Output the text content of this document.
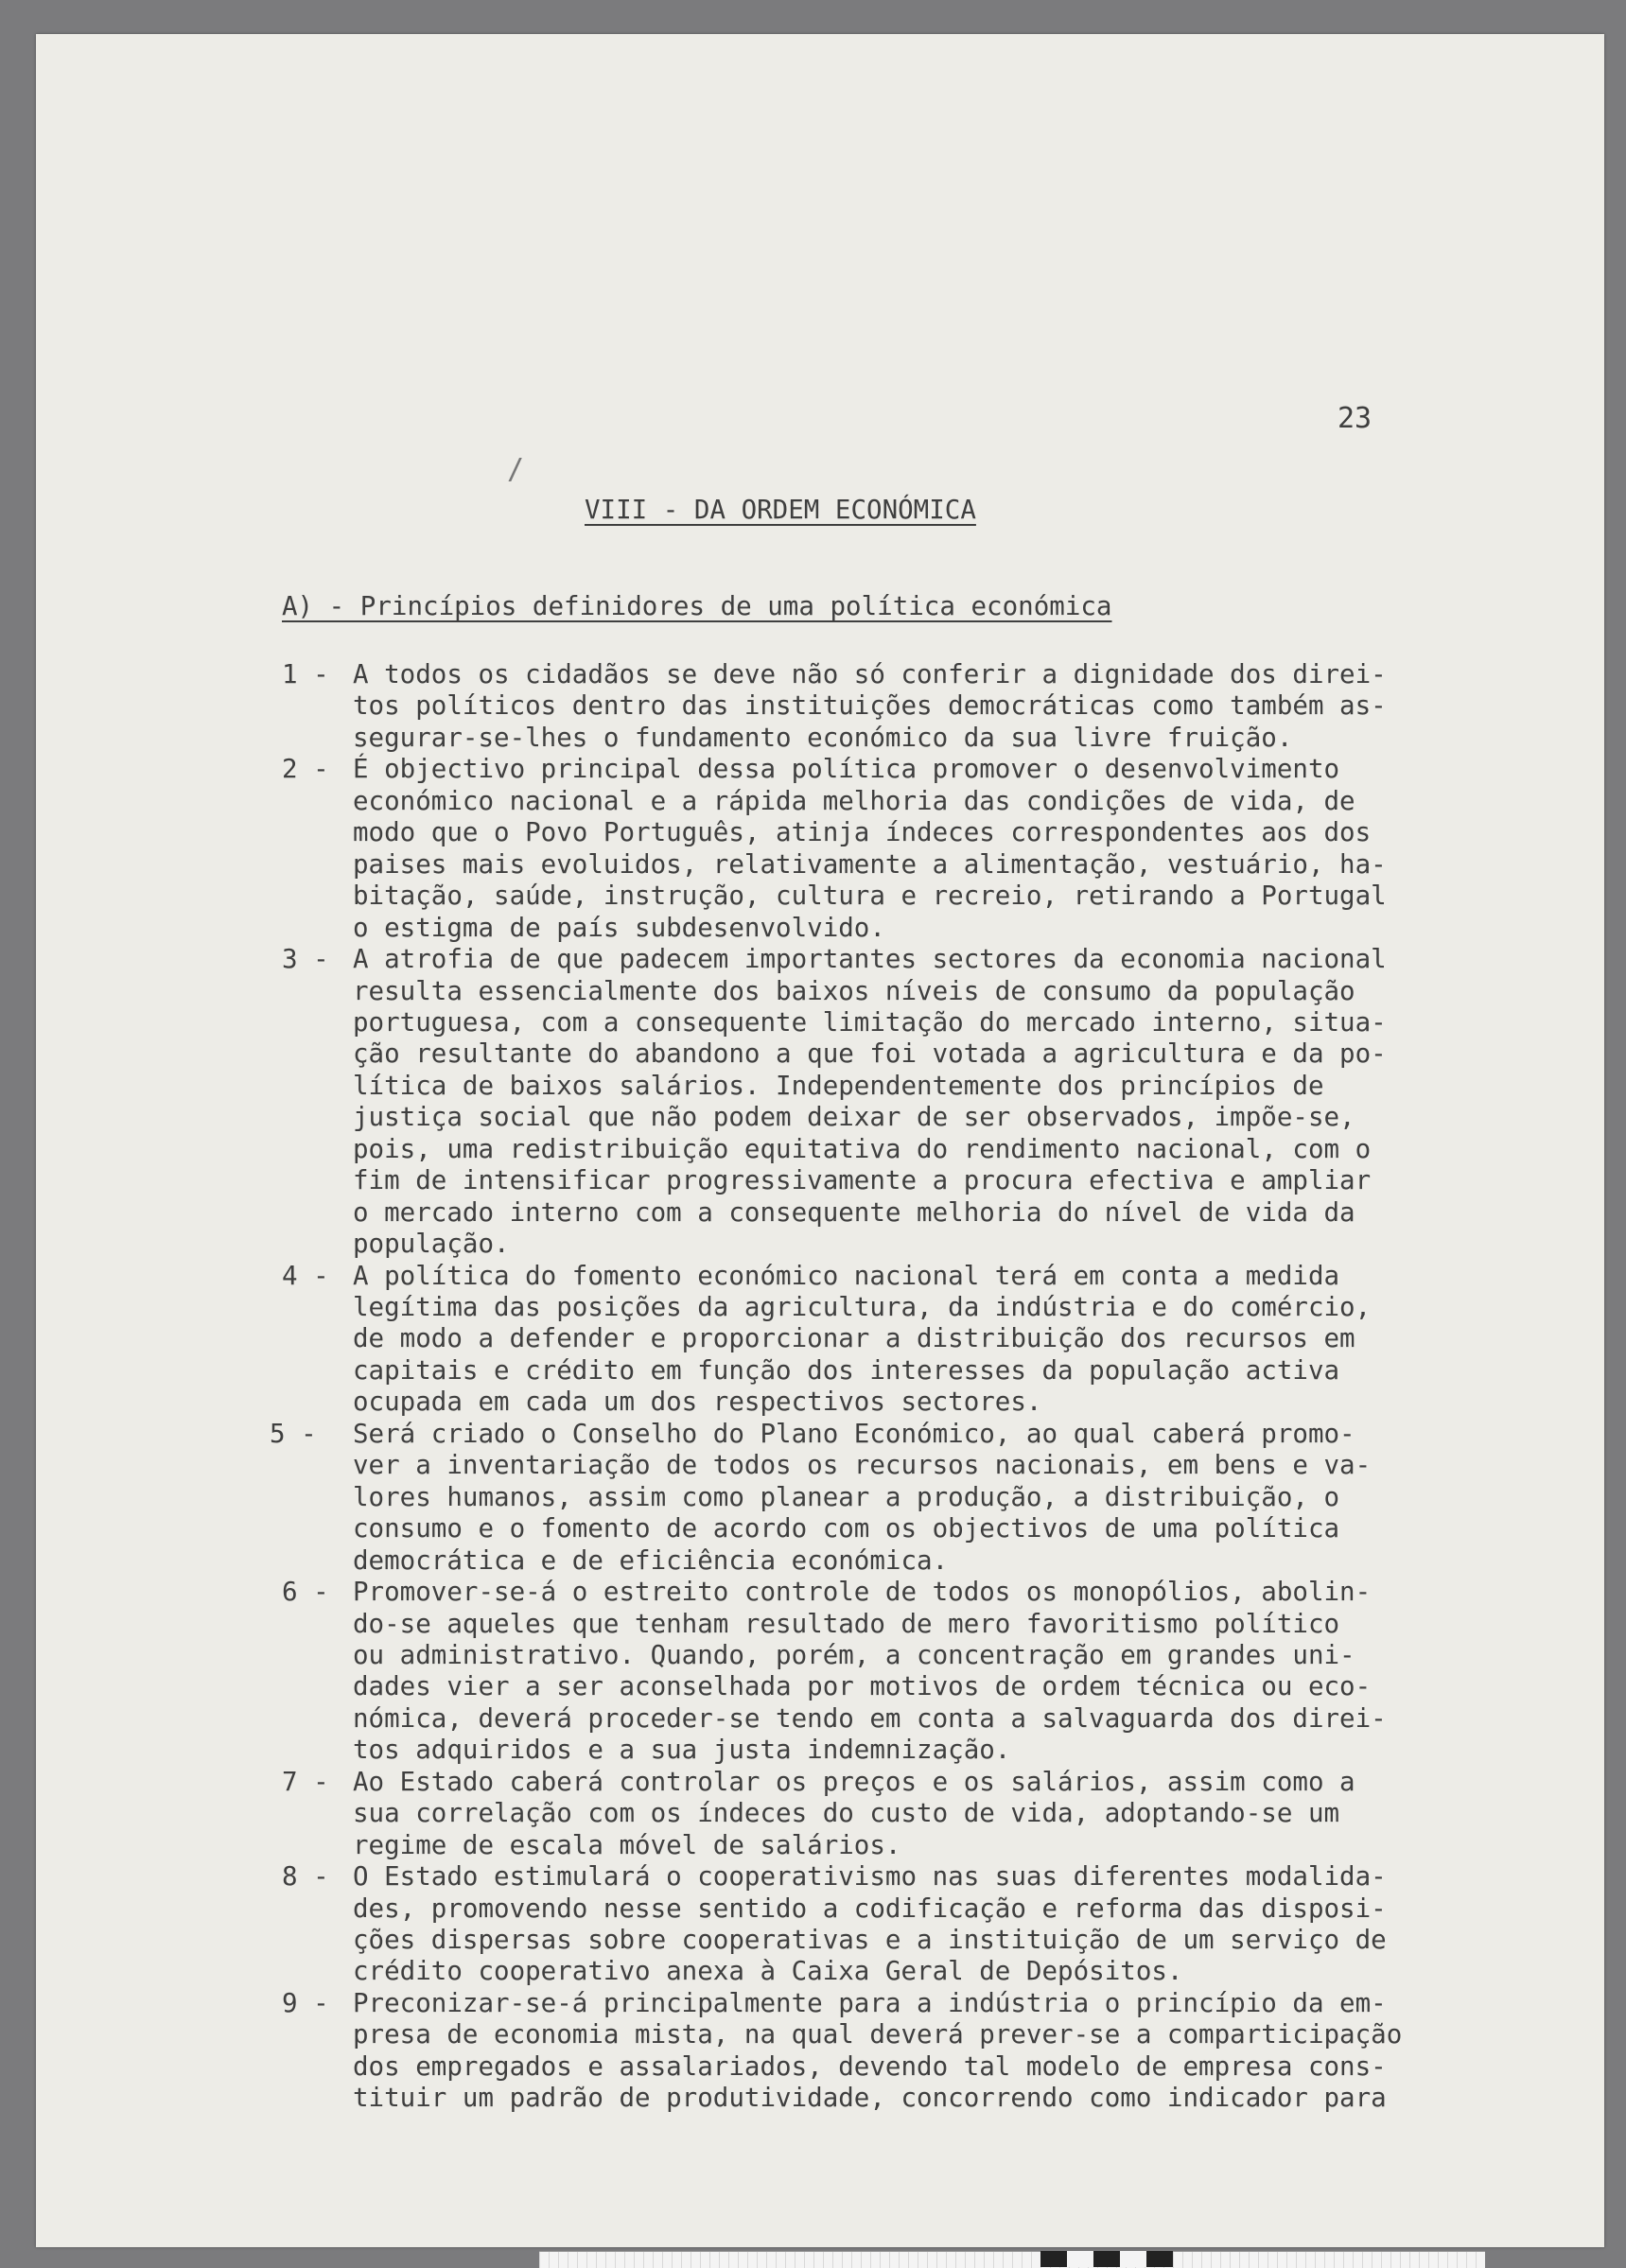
23
/
VIII - DA ORDEM ECONÓMICA
A) - Princípios definidores de uma política económica
1 - A todos os cidadãos se deve não só conferir a dignidade dos direi-
tos políticos dentro das instituições democráticas como também as-
segurar-se-lhes o fundamento económico da sua livre fruição.
2 - É objectivo principal dessa política promover o desenvolvimento
económico nacional e a rápida melhoria das condições de vida, de
modo que o Povo Português, atinja índeces correspondentes aos dos
paises mais evoluidos, relativamente a alimentação, vestuário, ha-
bitação, saúde, instrução, cultura e recreio, retirando a Portugal
o estigma de país subdesenvolvido.
3 - A atrofia de que padecem importantes sectores da economia nacional
resulta essencialmente dos baixos níveis de consumo da população
portuguesa, com a consequente limitação do mercado interno, situa-
ção resultante do abandono a que foi votada a agricultura e da po-
lítica de baixos salários. Independentemente dos princípios de
justiça social que não podem deixar de ser observados, impõe-se,
pois, uma redistribuição equitativa do rendimento nacional, com o
fim de intensificar progressivamente a procura efectiva e ampliar
o mercado interno com a consequente melhoria do nível de vida da
população.
4 - A política do fomento económico nacional terá em conta a medida
legítima das posições da agricultura, da indústria e do comércio,
de modo a defender e proporcionar a distribuição dos recursos em
capitais e crédito em função dos interesses da população activa
ocupada em cada um dos respectivos sectores.
5 - Será criado o Conselho do Plano Económico, ao qual caberá promo-
ver a inventariação de todos os recursos nacionais, em bens e va-
lores humanos, assim como planear a produção, a distribuição, o
consumo e o fomento de acordo com os objectivos de uma política
democrática e de eficiência económica.
6 - Promover-se-á o estreito controle de todos os monopólios, abolin-
do-se aqueles que tenham resultado de mero favoritismo político
ou administrativo. Quando, porém, a concentração em grandes uni-
dades vier a ser aconselhada por motivos de ordem técnica ou eco-
nómica, deverá proceder-se tendo em conta a salvaguarda dos direi-
tos adquiridos e a sua justa indemnização.
7 - Ao Estado caberá controlar os preços e os salários, assim como a
sua correlação com os índeces do custo de vida, adoptando-se um
regime de escala móvel de salários.
8 - O Estado estimulará o cooperativismo nas suas diferentes modalida-
des, promovendo nesse sentido a codificação e reforma das disposi-
ções dispersas sobre cooperativas e a instituição de um serviço de
crédito cooperativo anexa à Caixa Geral de Depósitos.
9 - Preconizar-se-á principalmente para a indústria o princípio da em-
presa de economia mista, na qual deverá prever-se a comparticipação
dos empregados e assalariados, devendo tal modelo de empresa cons-
tituir um padrão de produtividade, concorrendo como indicador para
